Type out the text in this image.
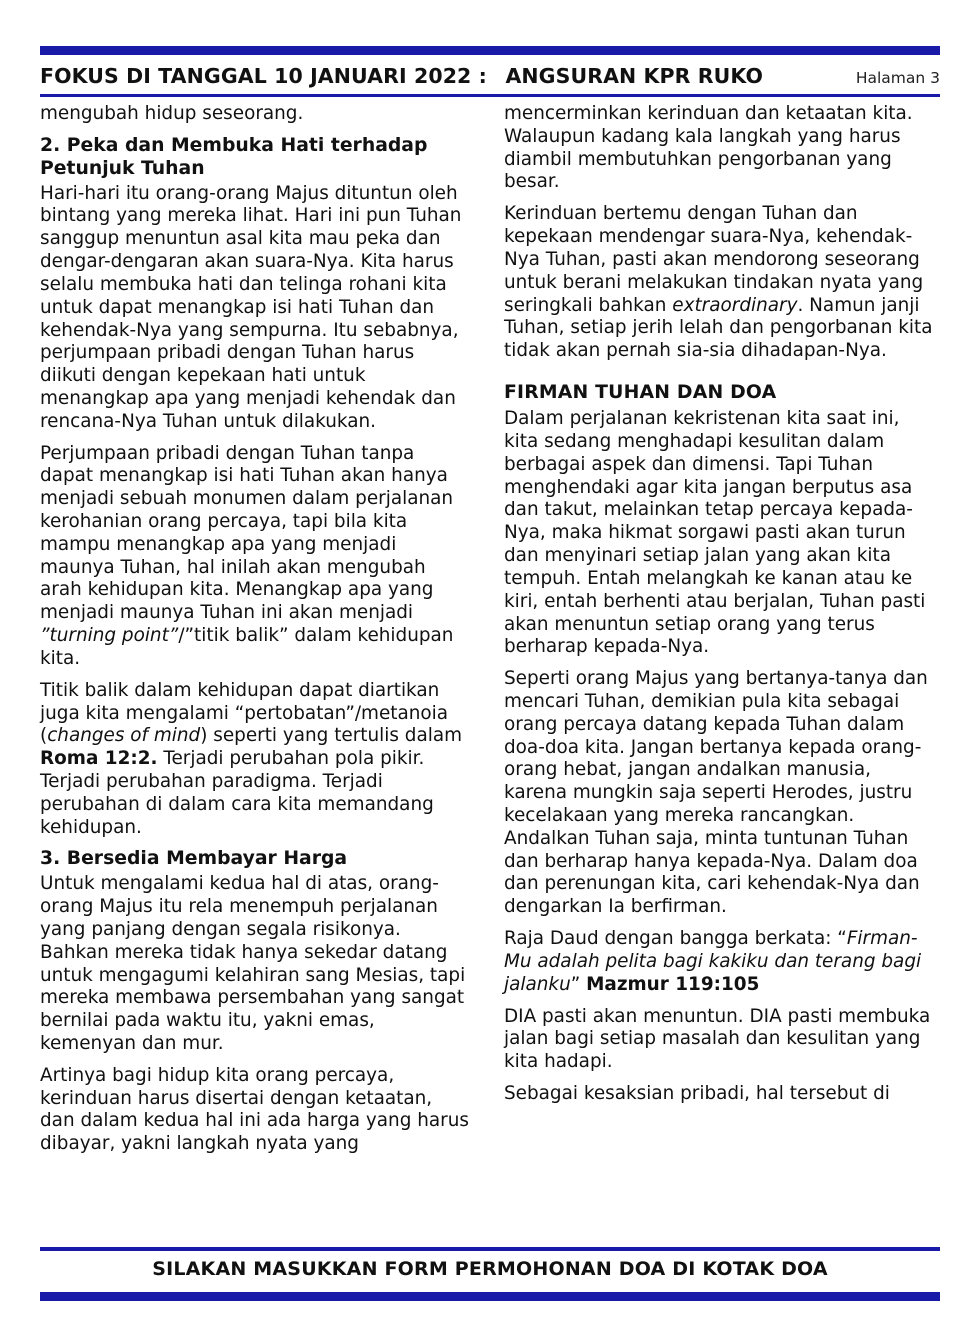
FOKUS DI TANGGAL 10 JANUARI 2022 : ANGSURAN KPR RUKO	Halaman 3

mengubah hidup seseorang.

2. Peka dan Membuka Hati terhadap Petunjuk Tuhan

Hari-hari itu orang-orang Majus dituntun oleh bintang yang mereka lihat. Hari ini pun Tuhan sanggup menuntun asal kita mau peka dan dengar-dengaran akan suara-Nya. Kita harus selalu membuka hati dan telinga rohani kita untuk dapat menangkap isi hati Tuhan dan kehendak-Nya yang sempurna. Itu sebabnya, perjumpaan pribadi dengan Tuhan harus diikuti dengan kepekaan hati untuk menangkap apa yang menjadi kehendak dan rencana-Nya Tuhan untuk dilakukan.

Perjumpaan pribadi dengan Tuhan tanpa dapat menangkap isi hati Tuhan akan hanya menjadi sebuah monumen dalam perjalanan kerohanian orang percaya, tapi bila kita mampu menangkap apa yang menjadi maunya Tuhan, hal inilah akan mengubah arah kehidupan kita. Menangkap apa yang menjadi maunya Tuhan ini akan menjadi ”turning point”/”titik balik” dalam kehidupan kita.

Titik balik dalam kehidupan dapat diartikan juga kita mengalami “pertobatan”/metanoia (changes of mind) seperti yang tertulis dalam Roma 12:2. Terjadi perubahan pola pikir. Terjadi perubahan paradigma. Terjadi perubahan di dalam cara kita memandang kehidupan.

3. Bersedia Membayar Harga

Untuk mengalami kedua hal di atas, orang-orang Majus itu rela menempuh perjalanan yang panjang dengan segala risikonya. Bahkan mereka tidak hanya sekedar datang untuk mengagumi kelahiran sang Mesias, tapi mereka membawa persembahan yang sangat bernilai pada waktu itu, yakni emas, kemenyan dan mur.

Artinya bagi hidup kita orang percaya, kerinduan harus disertai dengan ketaatan, dan dalam kedua hal ini ada harga yang harus dibayar, yakni langkah nyata yang

mencerminkan kerinduan dan ketaatan kita. Walaupun kadang kala langkah yang harus diambil membutuhkan pengorbanan yang besar.

Kerinduan bertemu dengan Tuhan dan kepekaan mendengar suara-Nya, kehendak-Nya Tuhan, pasti akan mendorong seseorang untuk berani melakukan tindakan nyata yang seringkali bahkan extraordinary. Namun janji Tuhan, setiap jerih lelah dan pengorbanan kita tidak akan pernah sia-sia dihadapan-Nya.

FIRMAN TUHAN DAN DOA

Dalam perjalanan kekristenan kita saat ini, kita sedang menghadapi kesulitan dalam berbagai aspek dan dimensi. Tapi Tuhan menghendaki agar kita jangan berputus asa dan takut, melainkan tetap percaya kepada-Nya, maka hikmat sorgawi pasti akan turun dan menyinari setiap jalan yang akan kita tempuh. Entah melangkah ke kanan atau ke kiri, entah berhenti atau berjalan, Tuhan pasti akan menuntun setiap orang yang terus berharap kepada-Nya.

Seperti orang Majus yang bertanya-tanya dan mencari Tuhan, demikian pula kita sebagai orang percaya datang kepada Tuhan dalam doa-doa kita. Jangan bertanya kepada orang-orang hebat, jangan andalkan manusia, karena mungkin saja seperti Herodes, justru kecelakaan yang mereka rancangkan. Andalkan Tuhan saja, minta tuntunan Tuhan dan berharap hanya kepada-Nya. Dalam doa dan perenungan kita, cari kehendak-Nya dan dengarkan Ia berfirman.

Raja Daud dengan bangga berkata: “Firman-Mu adalah pelita bagi kakiku dan terang bagi jalanku” Mazmur 119:105

DIA pasti akan menuntun. DIA pasti membuka jalan bagi setiap masalah dan kesulitan yang kita hadapi.

Sebagai kesaksian pribadi, hal tersebut di

SILAKAN MASUKKAN FORM PERMOHONAN DOA DI KOTAK DOA
